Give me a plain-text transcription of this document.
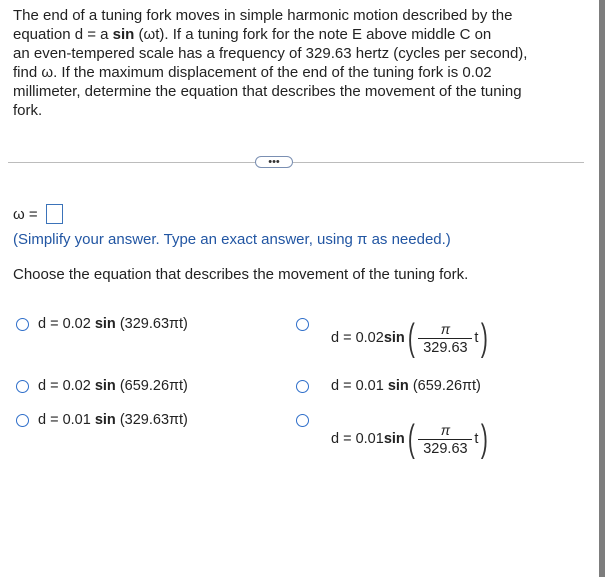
The end of a tuning fork moves in simple harmonic motion described by the

equation d = a sin (ωt). If a tuning fork for the note E above middle C on

an even-tempered scale has a frequency of 329.63 hertz (cycles per second),

find ω. If the maximum displacement of the end of the tuning fork is 0.02

millimeter, determine the equation that describes the movement of the tuning

fork.

•••
ω =
(Simplify your answer. Type an exact answer, using π as needed.)
Choose the equation that describes the movement of the tuning fork.
d = 0.02 sin (329.63πt)
d = 0.02 sin ( $\frac{\pi}{329.63}$ t )
d = 0.02 sin (659.26πt)	d = 0.01 sin (659.26πt)
d = 0.01 sin (329.63πt)
d = 0.01 sin ( $\frac{\pi}{329.63}$ t )
